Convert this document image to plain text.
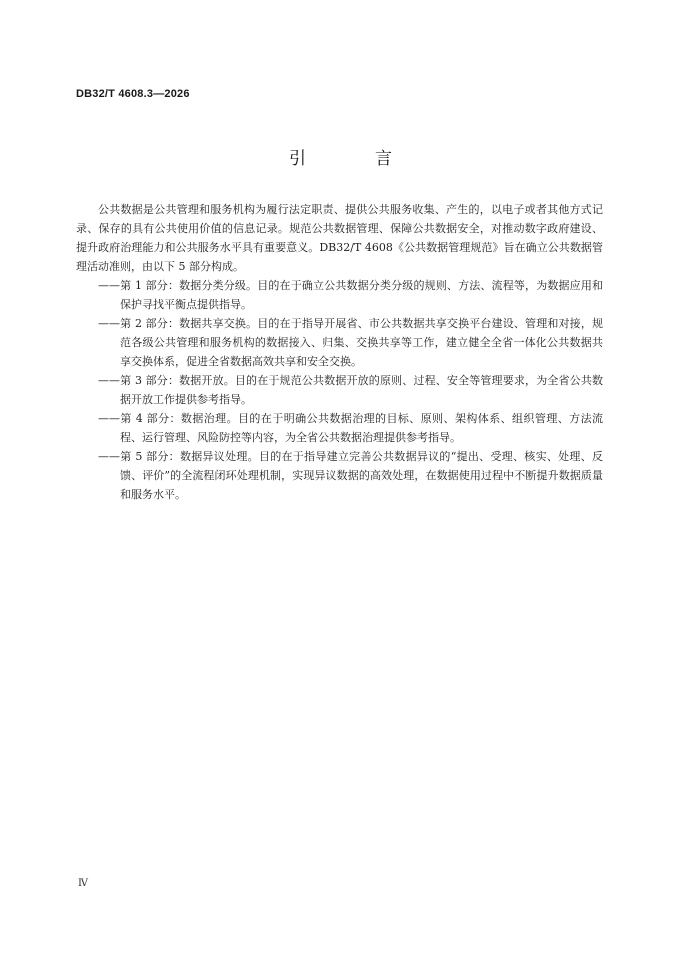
DB32/T 4608.3—2026
引　言

公共数据是公共管理和服务机构为履行法定职责、提供公共服务收集、产生的，以电子或者其他方式记录、保存的具有公共使用价值的信息记录。规范公共数据管理、保障公共数据安全，对推动数字政府建设、提升政府治理能力和公共服务水平具有重要意义。DB32/T 4608《公共数据管理规范》旨在确立公共数据管理活动准则，由以下 5 部分构成。

——第 1 部分：数据分类分级。目的在于确立公共数据分类分级的规则、方法、流程等，为数据应用和保护寻找平衡点提供指导。

——第 2 部分：数据共享交换。目的在于指导开展省、市公共数据共享交换平台建设、管理和对接，规范各级公共管理和服务机构的数据接入、归集、交换共享等工作，建立健全全省一体化公共数据共享交换体系，促进全省数据高效共享和安全交换。

——第 3 部分：数据开放。目的在于规范公共数据开放的原则、过程、安全等管理要求，为全省公共数据开放工作提供参考指导。

——第 4 部分：数据治理。目的在于明确公共数据治理的目标、原则、架构体系、组织管理、方法流程、运行管理、风险防控等内容，为全省公共数据治理提供参考指导。

——第 5 部分：数据异议处理。目的在于指导建立完善公共数据异议的“提出、受理、核实、处理、反馈、评价”的全流程闭环处理机制，实现异议数据的高效处理，在数据使用过程中不断提升数据质量和服务水平。

Ⅳ
